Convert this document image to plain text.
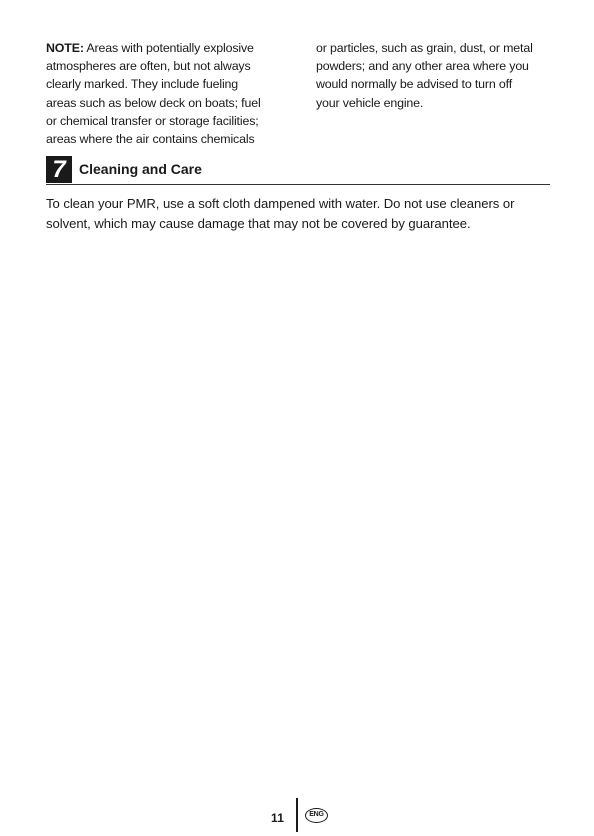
NOTE: Areas with potentially explosive
atmospheres are often, but not always
clearly marked. They include fueling
areas such as below deck on boats; fuel
or chemical transfer or storage facilities;
areas where the air contains chemicals
or particles, such as grain, dust, or metal
powders; and any other area where you
would normally be advised to turn off
your vehicle engine.
7 Cleaning and Care
To clean your PMR, use a soft cloth dampened with water. Do not use cleaners or
solvent, which may cause damage that may not be covered by guarantee.
11	ENG
